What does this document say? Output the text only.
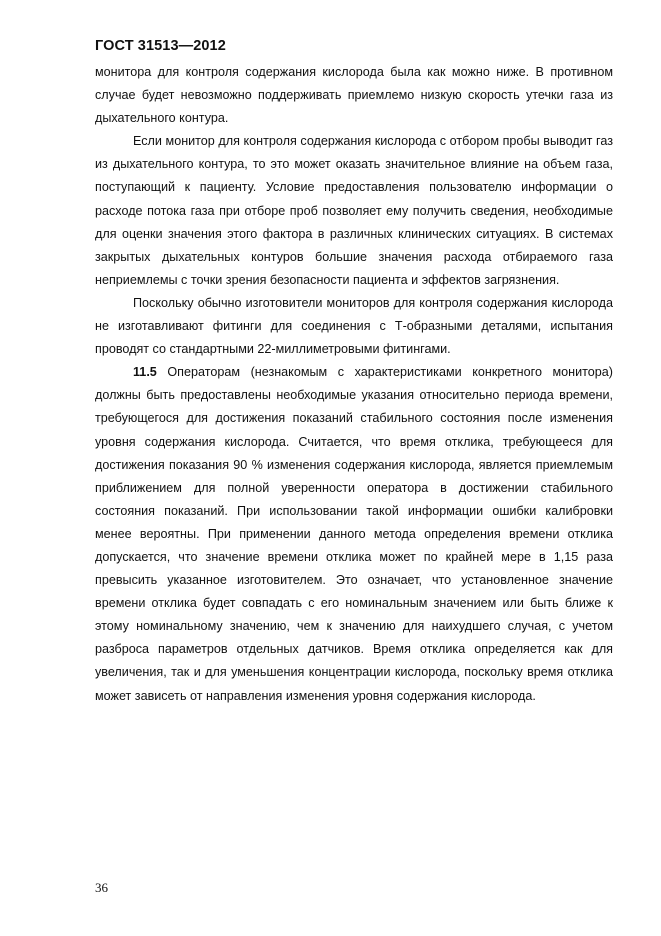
ГОСТ 31513—2012

монитора для контроля содержания кислорода была как можно ниже. В противном случае будет невозможно поддерживать приемлемо низкую скорость утечки газа из дыхательного контура.

Если монитор для контроля содержания кислорода с отбором пробы выводит газ из дыхательного контура, то это может оказать значительное влияние на объем газа, поступающий к пациенту. Условие предоставления пользователю информации о расходе потока газа при отборе проб позволяет ему получить сведения, необходимые для оценки значения этого фактора в различных клинических ситуациях. В системах закрытых дыхательных контуров большие значения расхода отбираемого газа неприемлемы с точки зрения безопасности пациента и эффектов загрязнения.

Поскольку обычно изготовители мониторов для контроля содержания кислорода не изготавливают фитинги для соединения с Т-образными деталями, испытания проводят со стандартными 22-миллиметровыми фитингами.

11.5 Операторам (незнакомым с характеристиками конкретного монитора) должны быть предоставлены необходимые указания относительно периода времени, требующегося для достижения показаний стабильного состояния после изменения уровня содержания кислорода. Считается, что время отклика, требующееся для достижения показания 90 % изменения содержания кислорода, является приемлемым приближением для полной уверенности оператора в достижении стабильного состояния показаний. При использовании такой информации ошибки калибровки менее вероятны. При применении данного метода определения времени отклика допускается, что значение времени отклика может по крайней мере в 1,15 раза превысить указанное изготовителем. Это означает, что установленное значение времени отклика будет совпадать с его номинальным значением или быть ближе к этому номинальному значению, чем к значению для наихудшего случая, с учетом разброса параметров отдельных датчиков. Время отклика определяется как для увеличения, так и для уменьшения концентрации кислорода, поскольку время отклика может зависеть от направления изменения уровня содержания кислорода.

36
